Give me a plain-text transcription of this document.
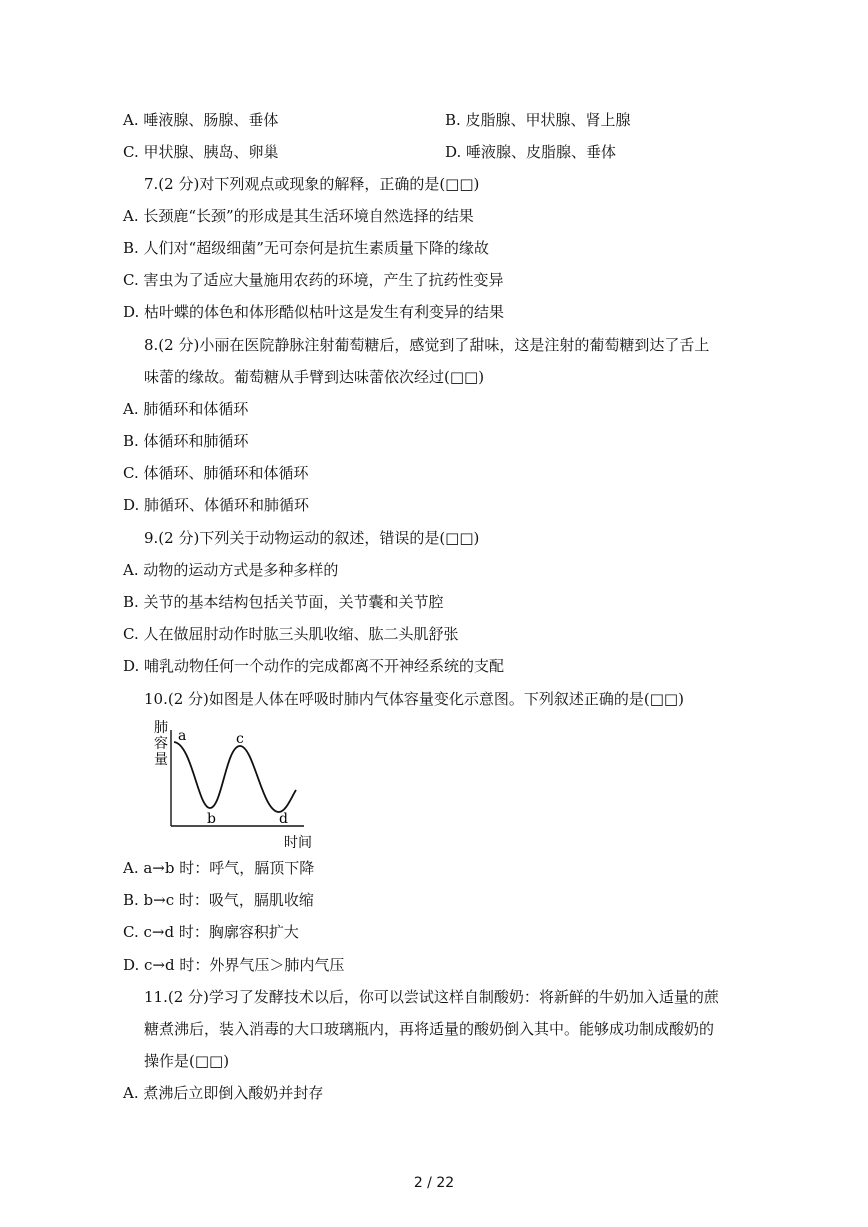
A. 唾液腺、肠腺、垂体	B. 皮脂腺、甲状腺、肾上腺
C. 甲状腺、胰岛、卵巢	D. 唾液腺、皮脂腺、垂体
7.(2 分)对下列观点或现象的解释，正确的是(□□)
A. 长颈鹿“长颈”的形成是其生活环境自然选择的结果
B. 人们对“超级细菌”无可奈何是抗生素质量下降的缘故
C. 害虫为了适应大量施用农药的环境，产生了抗药性变异
D. 枯叶蝶的体色和体形酷似枯叶这是发生有利变异的结果
8.(2 分)小丽在医院静脉注射葡萄糖后，感觉到了甜味，这是注射的葡萄糖到达了舌上
味蕾的缘故。葡萄糖从手臂到达味蕾依次经过(□□)
A. 肺循环和体循环
B. 体循环和肺循环
C. 体循环、肺循环和体循环
D. 肺循环、体循环和肺循环
9.(2 分)下列关于动物运动的叙述，错误的是(□□)
A. 动物的运动方式是多种多样的
B. 关节的基本结构包括关节面，关节囊和关节腔
C. 人在做屈肘动作时肱三头肌收缩、肱二头肌舒张
D. 哺乳动物任何一个动作的完成都离不开神经系统的支配
10.(2 分)如图是人体在呼吸时肺内气体容量变化示意图。下列叙述正确的是(□□)
肺
容
量
a
b
c
d
时间
A. a→b 时：呼气，膈顶下降
B. b→c 时：吸气，膈肌收缩
C. c→d 时：胸廓容积扩大
D. c→d 时：外界气压＞肺内气压
11.(2 分)学习了发酵技术以后，你可以尝试这样自制酸奶：将新鲜的牛奶加入适量的蔗
糖煮沸后，装入消毒的大口玻璃瓶内，再将适量的酸奶倒入其中。能够成功制成酸奶的
操作是(□□)
A. 煮沸后立即倒入酸奶并封存
2 / 22
